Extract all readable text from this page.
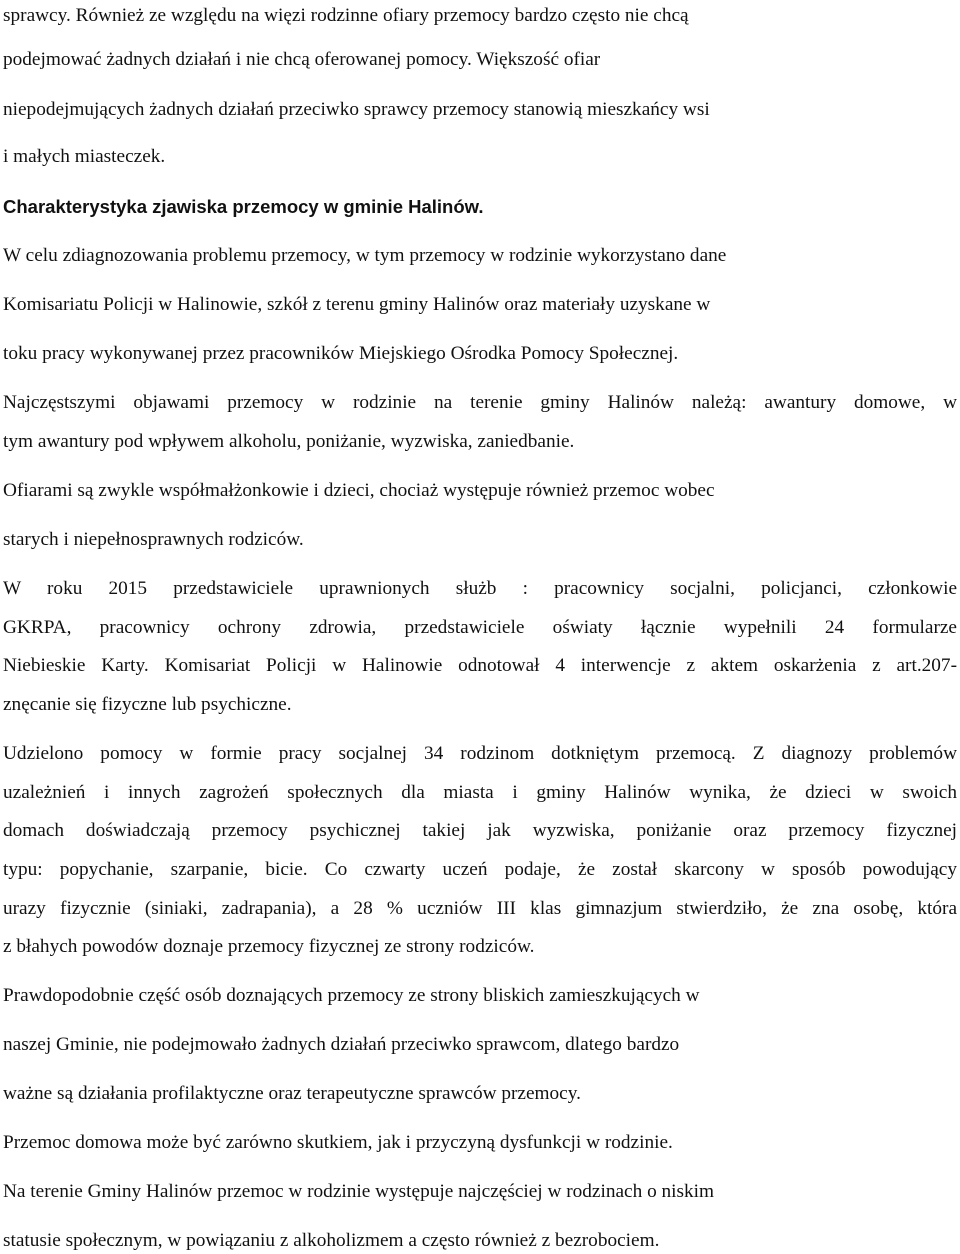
sprawcy. Również ze względu na więzi rodzinne ofiary przemocy bardzo często nie chcą
podejmować żadnych działań i nie chcą oferowanej pomocy. Większość ofiar
niepodejmujących żadnych działań przeciwko sprawcy przemocy stanowią mieszkańcy wsi
i małych miasteczek.
Charakterystyka zjawiska przemocy w gminie Halinów.
W celu zdiagnozowania problemu przemocy, w tym przemocy w rodzinie wykorzystano dane
Komisariatu Policji w Halinowie, szkół z terenu gminy Halinów oraz materiały uzyskane w
toku pracy wykonywanej przez pracowników Miejskiego Ośrodka Pomocy Społecznej.
Najczęstszymi objawami przemocy w rodzinie na terenie gminy Halinów należą: awantury domowe, w
tym awantury pod wpływem alkoholu, poniżanie, wyzwiska, zaniedbanie.
Ofiarami są zwykle współmałżonkowie i dzieci, chociaż występuje również przemoc wobec
starych i niepełnosprawnych rodziców.
W roku 2015 przedstawiciele uprawnionych służb : pracownicy socjalni, policjanci, członkowie
GKRPA, pracownicy ochrony zdrowia, przedstawiciele oświaty łącznie wypełnili 24 formularze
Niebieskie Karty. Komisariat Policji w Halinowie odnotował 4 interwencje z aktem oskarżenia z art.207-
znęcanie się fizyczne lub psychiczne.
Udzielono pomocy w formie pracy socjalnej 34 rodzinom dotkniętym przemocą. Z diagnozy problemów
uzależnień i innych zagrożeń społecznych dla miasta i gminy Halinów wynika, że dzieci w swoich
domach doświadczają przemocy psychicznej takiej jak wyzwiska, poniżanie oraz przemocy fizycznej
typu: popychanie, szarpanie, bicie. Co czwarty uczeń podaje, że został skarcony w sposób powodujący
urazy fizycznie (siniaki, zadrapania), a 28 % uczniów III klas gimnazjum stwierdziło, że zna osobę, która
z błahych powodów doznaje przemocy fizycznej ze strony rodziców.
Prawdopodobnie część osób doznających przemocy ze strony bliskich zamieszkujących w
naszej Gminie, nie podejmowało żadnych działań przeciwko sprawcom, dlatego bardzo
ważne są działania profilaktyczne oraz terapeutyczne sprawców przemocy.
Przemoc domowa może być zarówno skutkiem, jak i przyczyną dysfunkcji w rodzinie.
Na terenie Gminy Halinów przemoc w rodzinie występuje najczęściej w rodzinach o niskim
statusie społecznym, w powiązaniu z alkoholizmem a często również z bezrobociem.
